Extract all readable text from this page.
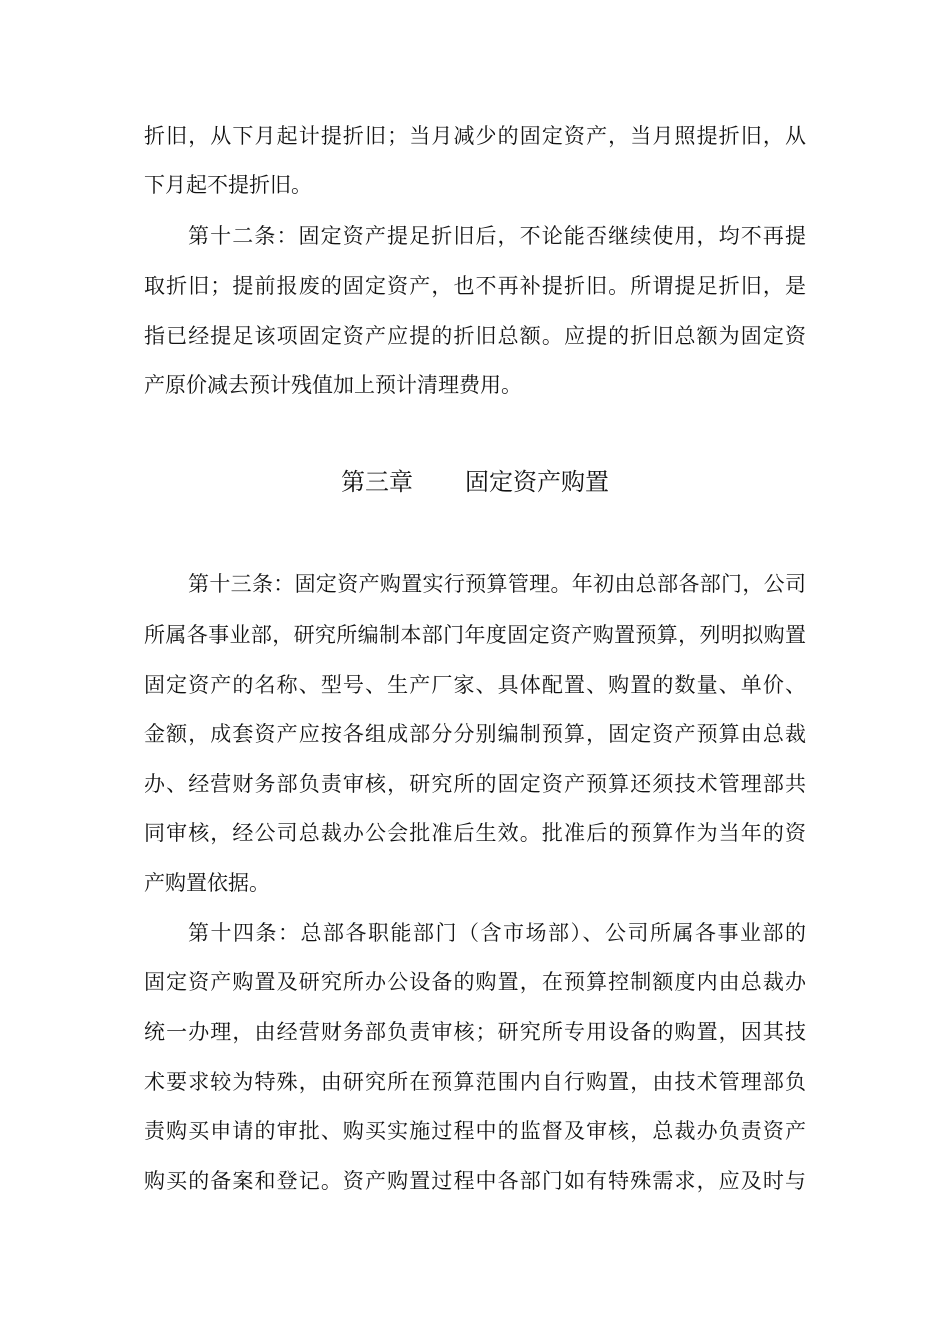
折旧，从下月起计提折旧；当月减少的固定资产，当月照提折旧，从
下月起不提折旧。
第十二条：固定资产提足折旧后，不论能否继续使用，均不再提
取折旧；提前报废的固定资产，也不再补提折旧。所谓提足折旧，是
指已经提足该项固定资产应提的折旧总额。应提的折旧总额为固定资
产原价减去预计残值加上预计清理费用。
第三章 固定资产购置
第十三条：固定资产购置实行预算管理。年初由总部各部门，公司
所属各事业部，研究所编制本部门年度固定资产购置预算，列明拟购置
固定资产的名称、型号、生产厂家、具体配置、购置的数量、单价、
金额，成套资产应按各组成部分分别编制预算，固定资产预算由总裁
办、经营财务部负责审核，研究所的固定资产预算还须技术管理部共
同审核，经公司总裁办公会批准后生效。批准后的预算作为当年的资
产购置依据。
第十四条：总部各职能部门（含市场部）、公司所属各事业部的
固定资产购置及研究所办公设备的购置，在预算控制额度内由总裁办
统一办理，由经营财务部负责审核；研究所专用设备的购置，因其技
术要求较为特殊，由研究所在预算范围内自行购置，由技术管理部负
责购买申请的审批、购买实施过程中的监督及审核，总裁办负责资产
购买的备案和登记。资产购置过程中各部门如有特殊需求，应及时与
